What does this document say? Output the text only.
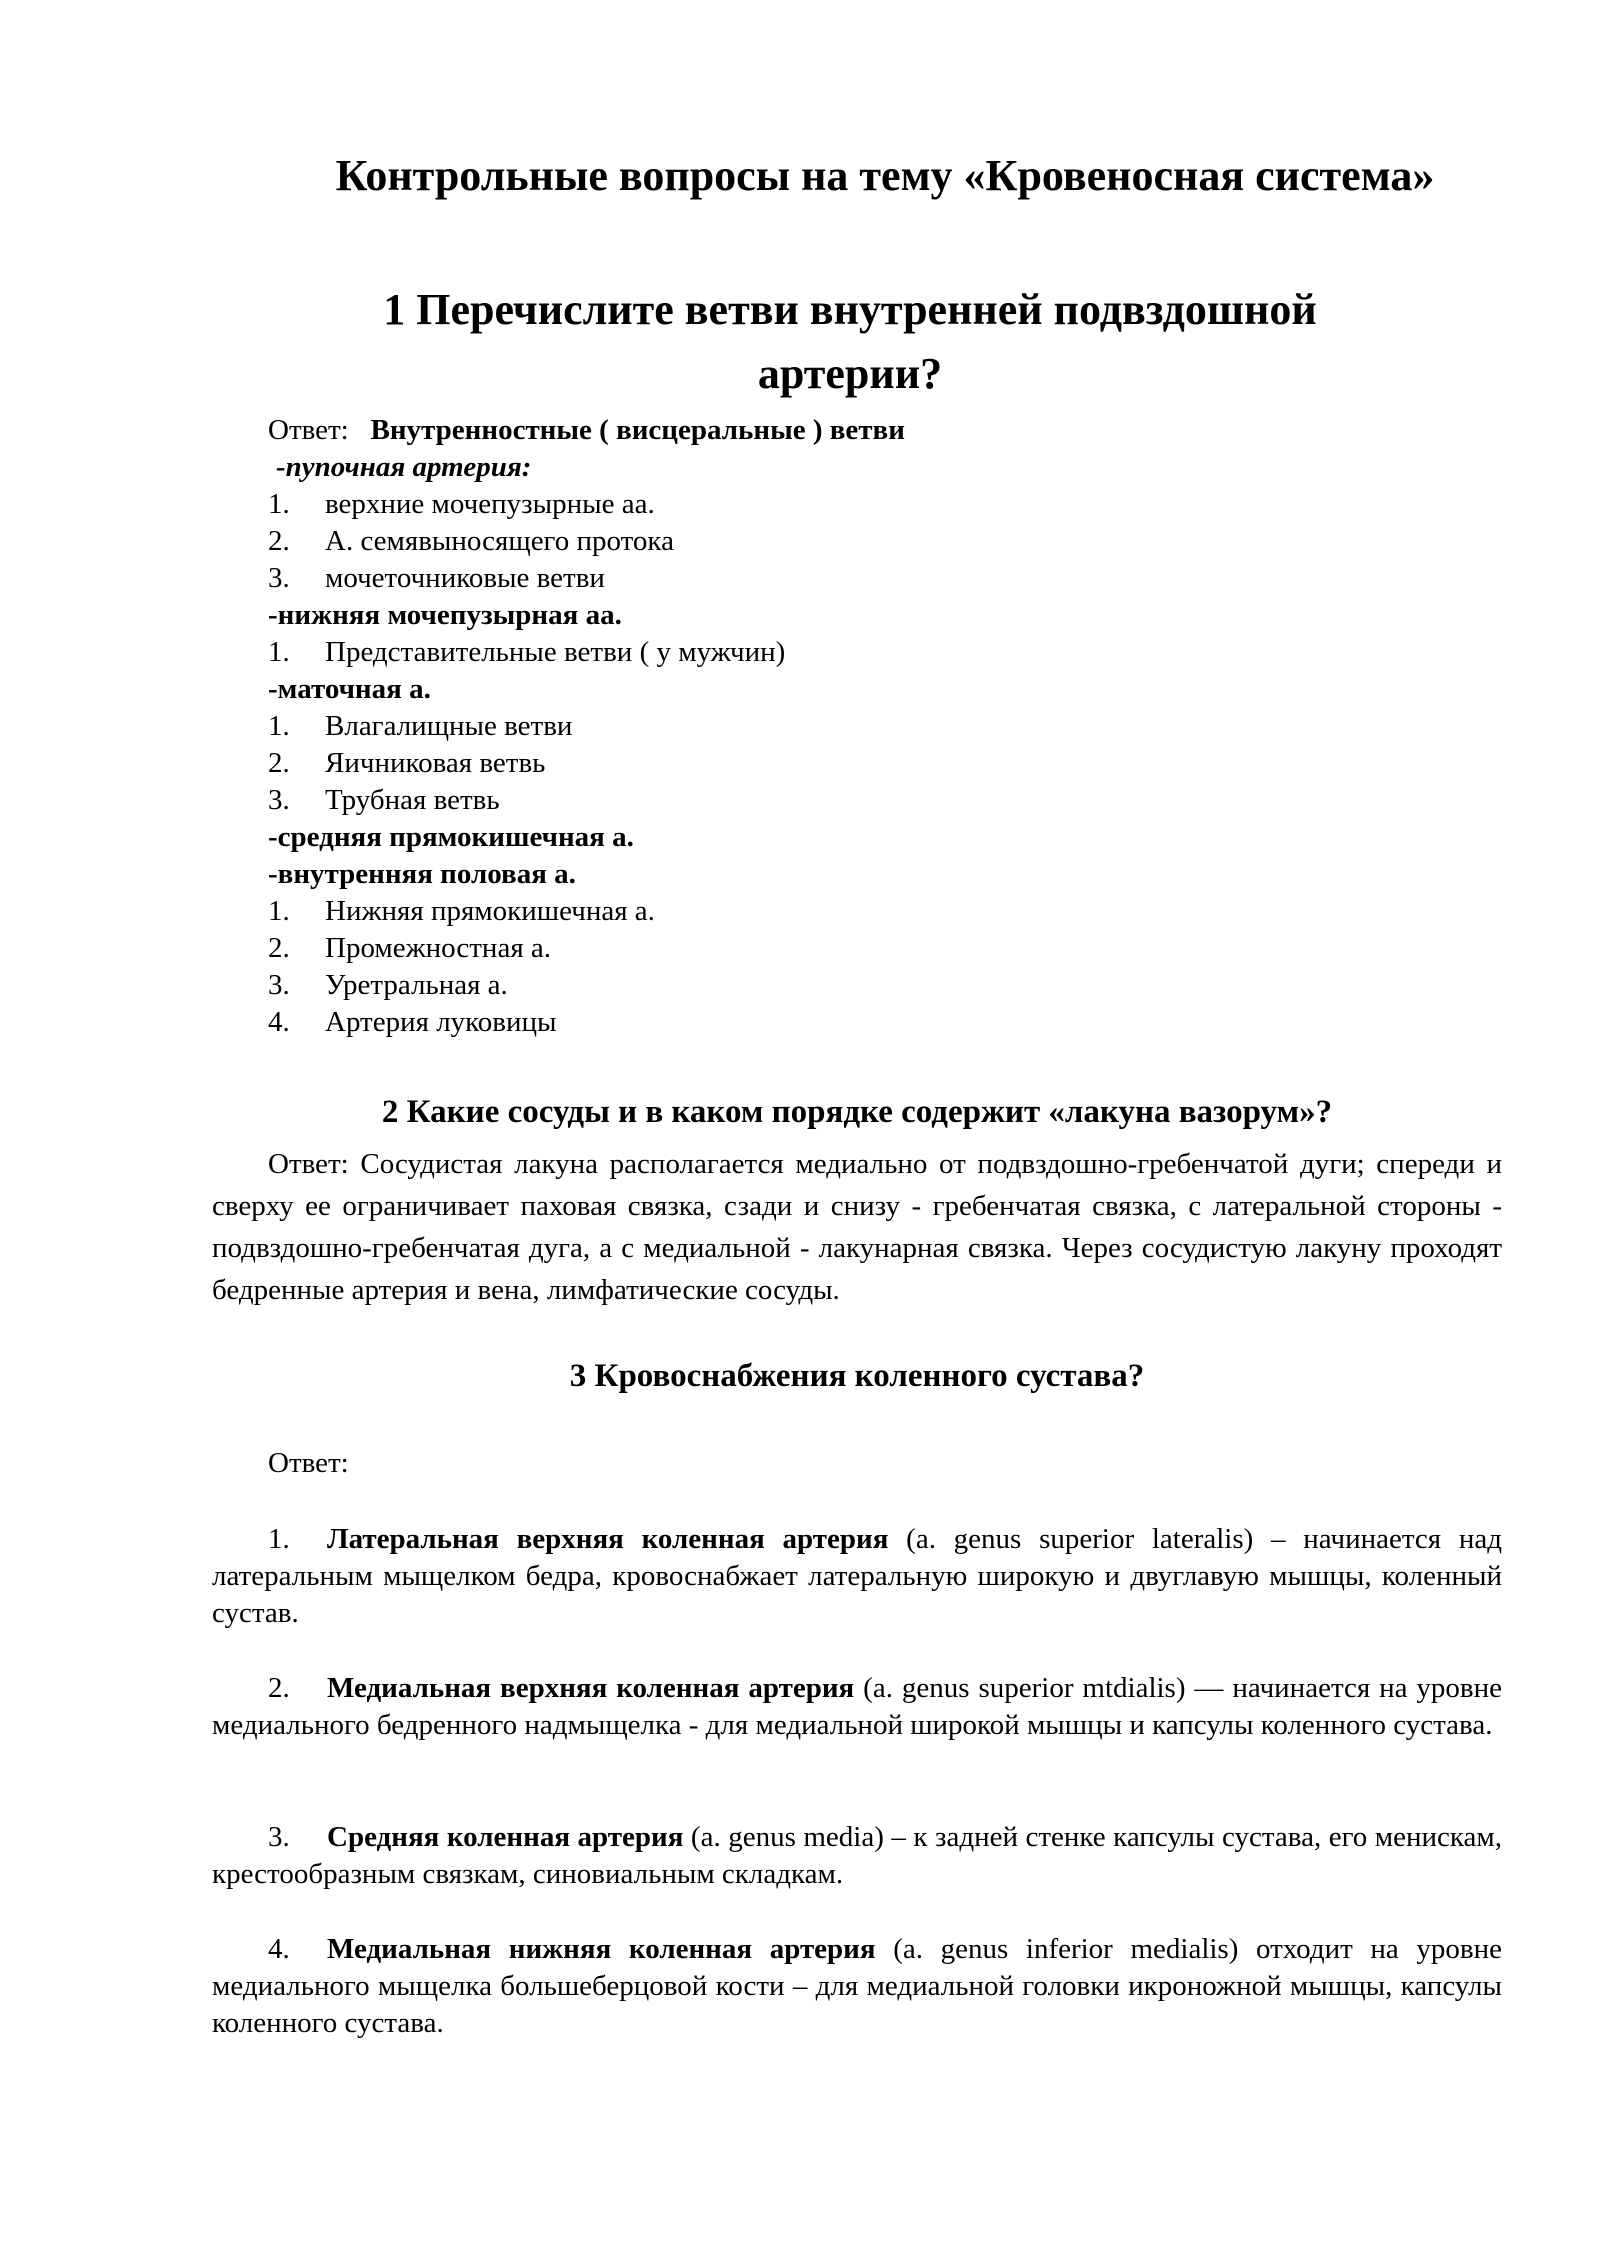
Контрольные вопросы на тему «Кровеносная система»
1 Перечислите ветви внутренней подвздошной артерии?
Ответ: Внутренностные ( висцеральные ) ветви
-пупочная артерия:
1.	верхние мочепузырные аа.
2.	А. семявыносящего протока
3.	мочеточниковые ветви
-нижняя мочепузырная аа.
1.	Представительные ветви ( у мужчин)
-маточная а.
1.	Влагалищные ветви
2.	Яичниковая ветвь
3.	Трубная ветвь
-средняя прямокишечная а.
-внутренняя половая а.
1.	Нижняя прямокишечная а.
2.	Промежностная а.
3.	Уретральная а.
4.	Артерия луковицы
2 Какие сосуды и в каком порядке содержит «лакуна вазорум»?
Ответ: Сосудистая лакуна располагается медиально от подвздошно-гребенчатой дуги; спереди и сверху ее ограничивает паховая связка, сзади и снизу - гребенчатая связка, с латеральной стороны - подвздошно-гребенчатая дуга, а с медиальной - лакунарная связка. Через сосудистую лакуну проходят бедренные артерия и вена, лимфатические сосуды.
3 Кровоснабжения коленного сустава?
Ответ:
1. Латеральная верхняя коленная артерия (a. genus superior lateralis) – начинается над латеральным мыщелком бедра, кровоснабжает латеральную широкую и двуглавую мышцы, коленный сустав.
2. Медиальная верхняя коленная артерия (a. genus superior mtdialis) — начинается на уровне медиального бедренного надмыщелка - для медиальной широкой мышцы и капсулы коленного сустава.
3. Средняя коленная артерия (a. genus media) – к задней стенке капсулы сустава, его менискам, крестообразным связкам, синовиальным складкам.
4. Медиальная нижняя коленная артерия (a. genus inferior medialis) отходит на уровне медиального мыщелка большеберцовой кости – для медиальной головки икроножной мышцы, капсулы коленного сустава.
